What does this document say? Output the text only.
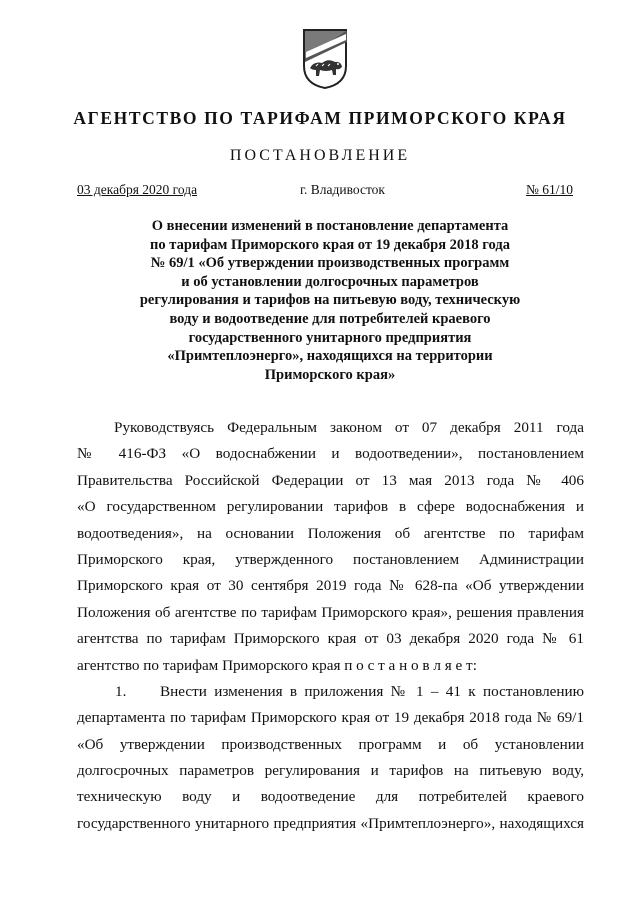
АГЕНТСТВО ПО ТАРИФАМ ПРИМОРСКОГО КРАЯ
ПОСТАНОВЛЕНИЕ
03 декабря 2020 года	г. Владивосток	№ 61/10
О внесении изменений в постановление департамента
по тарифам Приморского края от 19 декабря 2018 года
№ 69/1 «Об утверждении производственных программ
и об установлении долгосрочных параметров
регулирования и тарифов на питьевую воду, техническую
воду и водоотведение для потребителей краевого
государственного унитарного предприятия
«Примтеплоэнерго», находящихся на территории
Приморского края»
Руководствуясь Федеральным законом от 07 декабря 2011 года
№ 416-ФЗ «О водоснабжении и водоотведении», постановлением
Правительства Российской Федерации от 13 мая 2013 года № 406
«О государственном регулировании тарифов в сфере водоснабжения и
водоотведения», на основании Положения об агентстве по тарифам
Приморского края, утвержденного постановлением Администрации
Приморского края от 30 сентября 2019 года № 628-па «Об утверждении
Положения об агентстве по тарифам Приморского края», решения правления
агентства по тарифам Приморского края от 03 декабря 2020 года № 61
агентство по тарифам Приморского края п о с т а н о в л я е т:
1. Внести изменения в приложения № 1 – 41 к постановлению
департамента по тарифам Приморского края от 19 декабря 2018 года № 69/1
«Об утверждении производственных программ и об установлении
долгосрочных параметров регулирования и тарифов на питьевую воду,
техническую воду и водоотведение для потребителей краевого
государственного унитарного предприятия «Примтеплоэнерго», находящихся
